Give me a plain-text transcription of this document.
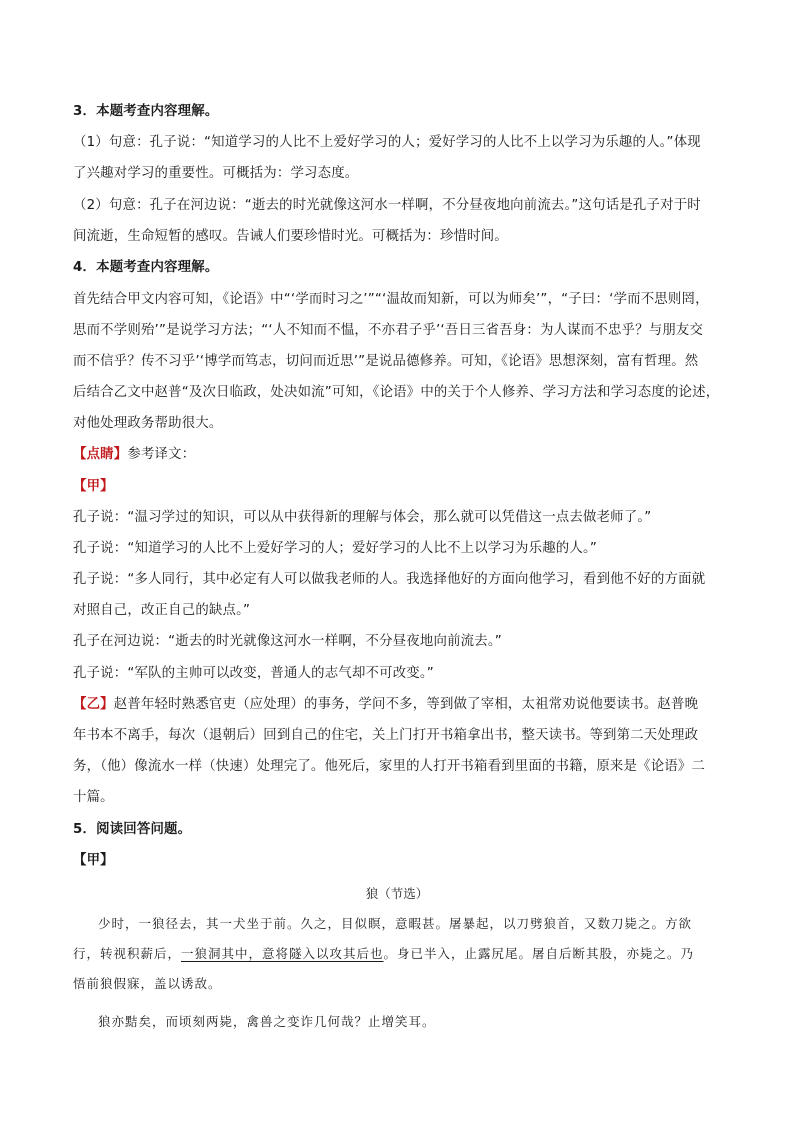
3．本题考查内容理解。
（1）句意：孔子说：“知道学习的人比不上爱好学习的人；爱好学习的人比不上以学习为乐趣的人。”体现
了兴趣对学习的重要性。可概括为：学习态度。
（2）句意：孔子在河边说：“逝去的时光就像这河水一样啊，不分昼夜地向前流去。”这句话是孔子对于时
间流逝，生命短暂的感叹。告诫人们要珍惜时光。可概括为：珍惜时间。
4．本题考查内容理解。
首先结合甲文内容可知，《论语》中“‘学而时习之’”“‘温故而知新，可以为师矣’”，“子曰：‘学而不思则罔，
思而不学则殆’”是说学习方法；“‘人不知而不愠，不亦君子乎’‘吾日三省吾身：为人谋而不忠乎？与朋友交
而不信乎？传不习乎’‘博学而笃志，切问而近思’”是说品德修养。可知，《论语》思想深刻，富有哲理。然
后结合乙文中赵普“及次日临政，处决如流”可知，《论语》中的关于个人修养、学习方法和学习态度的论述，
对他处理政务帮助很大。
【点睛】参考译文：
【甲】
孔子说：“温习学过的知识，可以从中获得新的理解与体会，那么就可以凭借这一点去做老师了。”
孔子说：“知道学习的人比不上爱好学习的人；爱好学习的人比不上以学习为乐趣的人。”
孔子说：“多人同行，其中必定有人可以做我老师的人。我选择他好的方面向他学习，看到他不好的方面就
对照自己，改正自己的缺点。”
孔子在河边说：“逝去的时光就像这河水一样啊，不分昼夜地向前流去。”
孔子说：“军队的主帅可以改变，普通人的志气却不可改变。”
【乙】赵普年轻时熟悉官吏（应处理）的事务，学问不多，等到做了宰相，太祖常劝说他要读书。赵普晚
年书本不离手，每次（退朝后）回到自己的住宅，关上门打开书箱拿出书，整天读书。等到第二天处理政
务，（他）像流水一样（快速）处理完了。他死后，家里的人打开书箱看到里面的书籍，原来是《论语》二
十篇。
5．阅读回答问题。
【甲】
狼（节选）
少时，一狼径去，其一犬坐于前。久之，目似瞑，意暇甚。屠暴起，以刀劈狼首，又数刀毙之。方欲
行，转视积薪后，一狼洞其中，意将隧入以攻其后也。身已半入，止露尻尾。屠自后断其股，亦毙之。乃
悟前狼假寐，盖以诱敌。
狼亦黠矣，而顷刻两毙，禽兽之变诈几何哉？止增笑耳。
